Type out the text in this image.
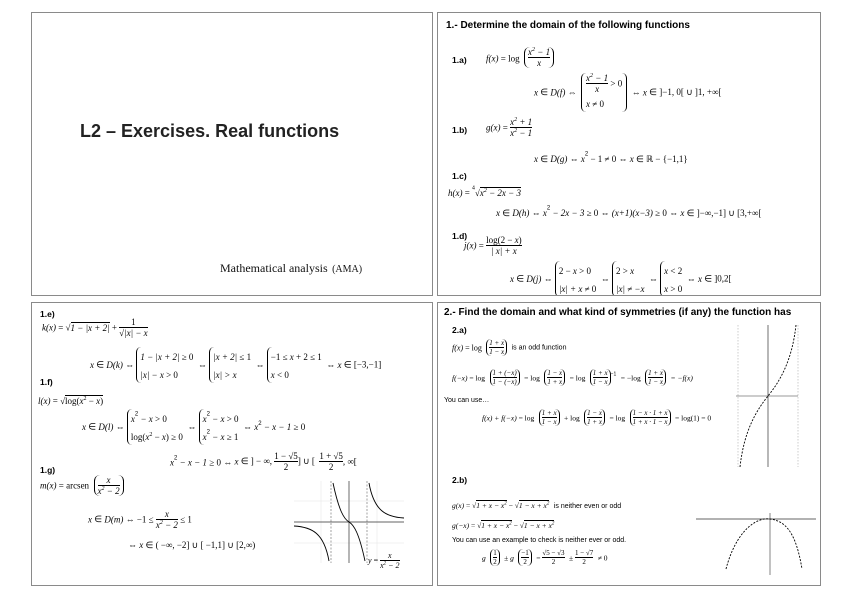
L2 – Exercises. Real functions
Mathematical analysis (AMA)
1.- Determine the domain of the following functions
1.a) $f(x) = \log \frac{x^2 - 1}{x}$
x ∈ D(f) ⇔ $\frac{x^2 - 1}{x} > 0$
x ≠ 0 ⇔ x ∈ ]−1, 0[ ∪ ]1, +∞[
1.b) $g(x) = \frac{x^2 + 1}{x^2 - 1}$
x ∈ D(g) ⇔ $x^2 - 1 \ne 0$ ⇔ x ∈ ℝ − {−1,1}
1.c)
$h(x) = ^4√x^2 - 2x - 3$
x ∈ D(h) ⇔ $x^2 - 2x - 3 \ge 0$ ⇔ (x+1)(x−3) ≥ 0 ⇔ x ∈ ]−∞,−1] ∪ [3,+∞[
1.d)
$j(x) = \frac{\log(2 - x)}{| x| + x}$
x ∈ D(j) ⇔ 2 − x > 0
|x| + x ≠ 0 ⇔ 2 > x
|x| ≠ −x ⇔ x < 2
x > 0 ⇔ x ∈ ]0,2[
1.e)
$k(x) = √1 - |x + 2| + \frac{1}{√|x| - x}$
x ∈ D(k) ⇔ 1 − |x + 2| ≥ 0
|x| − x > 0 ⇔ |x + 2| ≤ 1
|x| > x ⇔ −1 ≤ x + 2 ≤ 1
x < 0 ⇔ x ∈ [−3,−1]
1.f)
$l(x) = √\log(x^2 - x)$
x ∈ D(l) ⇔ $x^2 - x > 0$
$\log(x^2 - x) \ge 0$ ⇔ $x^2 - x > 0$
$x^2 - x \ge 1$ ⇔ $x^2 - x - 1 \ge 0$
$x^2 - x - 1 \ge 0$ ⇔ x ∈ ] − ∞, $\frac{1 - √5}{2}$ ] ∪ [ $\frac{1 + √5}{2}$ , ∞[
1.g)
m(x) = arcsen $\frac{x}{x^2 - 2}$
x ∈ D(m) ⇔ $-1 \le \frac{x}{x^2 - 2} \le 1$
⇔ x ∈ ( −∞, −2] ∪ [ −1,1] ∪ [2,∞)
$y = \frac{x}{x^2 - 2}$
2.- Find the domain and what kind of symmetries (if any) the function has
2.a)
$f(x) = \log \frac{1 + x}{1 - x}$ is an odd function
$f(-x) = \log \frac{1 + (-x)}{1 - (-x)} = \log \frac{1 - x}{1 + x} = \log \frac{1 + x}{1 - x} ^{-1} = -\log \frac{1 + x}{1 - x} = -f(x)$
You can use…
$f(x) + f(-x) = \log \frac{1 + x}{1 - x} + \log \frac{1 - x}{1 + x} = \log \frac{1 - x \cdot 1 + x}{1 + x \cdot 1 - x} = \log(1) = 0$
2.b)
$g(x) = √1 + x - x^2 - √1 - x + x^2$ is neither even or odd
$g(-x) = √1 + x - x^2 - √1 - x + x^2$
You can use an example to check is neither ever or odd.
g $\frac{1}{2} \pm g \frac{-1}{2} = \frac{√5 - √3}{2} \pm \frac{1 - √7}{2} \ne 0$
